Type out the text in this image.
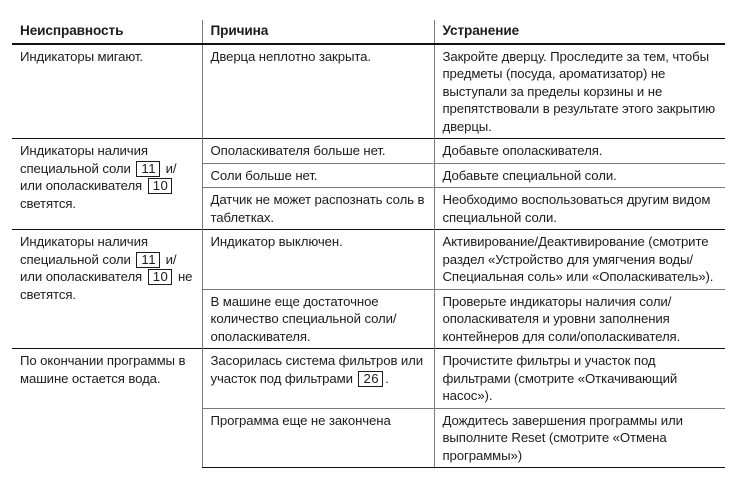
Неисправность	Причина	Устранение
Индикаторы мигают.	Дверца неплотно закрыта.	Закройте дверцу. Проследите за тем, чтобы предметы (посуда, ароматизатор) не выступали за пределы корзины и не препятствовали в результате этого закрытию дверцы.
Индикаторы наличия специальной соли 11 и/ или ополаскивателя 10 светятся.	Ополаскивателя больше нет.	Добавьте ополаскивателя.
	Соли больше нет.	Добавьте специальной соли.
	Датчик не может распознать соль в таблетках.	Необходимо воспользоваться другим видом специальной соли.
Индикаторы наличия специальной соли 11 и/ или ополаскивателя 10 не светятся.	Индикатор выключен.	Активирование/Деактивирование (смотрите раздел «Устройство для умягчения воды/ Специальная соль» или «Ополаскиватель»).
	В машине еще достаточное количество специальной соли/ ополаскивателя.	Проверьте индикаторы наличия соли/ ополаскивателя и уровни заполнения контейнеров для соли/ополаскивателя.
По окончании программы в машине остается вода.	Засорилась система фильтров или участок под фильтрами 26 .	Прочистите фильтры и участок под фильтрами (смотрите «Откачивающий насос»).
	Программа еще не закончена	Дождитесь завершения программы или выполните Reset (смотрите «Отмена программы»)
